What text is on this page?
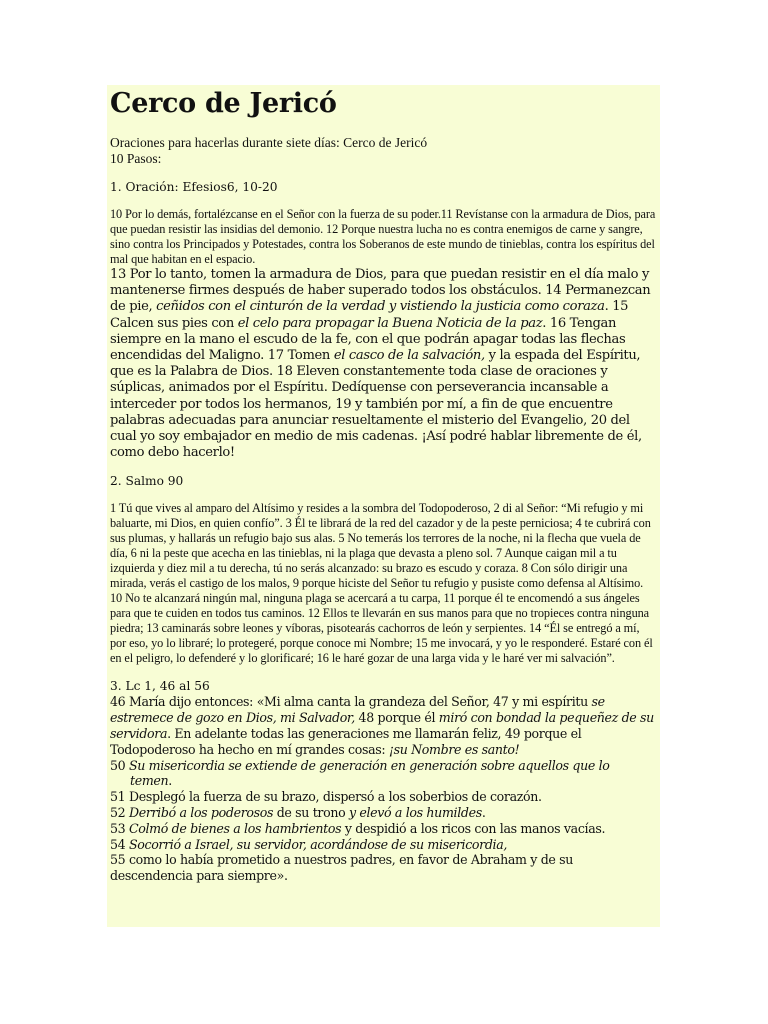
Cerco de Jericó

Oraciones para hacerlas durante siete días: Cerco de Jericó

10 Pasos:

1. Oración: Efesios6, 10-20

10 Por lo demás, fortalézcanse en el Señor con la fuerza de su poder.11 Revístanse con la armadura de Dios, para que puedan resistir las insidias del demonio. 12 Porque nuestra lucha no es contra enemigos de carne y sangre, sino contra los Principados y Potestades, contra los Soberanos de este mundo de tinieblas, contra los espíritus del mal que habitan en el espacio.

13 Por lo tanto, tomen la armadura de Dios, para que puedan resistir en el día malo y mantenerse firmes después de haber superado todos los obstáculos. 14 Permanezcan de pie, ceñidos con el cinturón de la verdad y vistiendo la justicia como coraza. 15 Calcen sus pies con el celo para propagar la Buena Noticia de la paz. 16 Tengan siempre en la mano el escudo de la fe, con el que podrán apagar todas las flechas encendidas del Maligno. 17 Tomen el casco de la salvación, y la espada del Espíritu, que es la Palabra de Dios. 18 Eleven constantemente toda clase de oraciones y súplicas, animados por el Espíritu. Dedíquense con perseverancia incansable a interceder por todos los hermanos, 19 y también por mí, a fin de que encuentre palabras adecuadas para anunciar resueltamente el misterio del Evangelio, 20 del cual yo soy embajador en medio de mis cadenas. ¡Así podré hablar libremente de él, como debo hacerlo!

2. Salmo 90

1 Tú que vives al amparo del Altísimo y resides a la sombra del Todopoderoso, 2 di al Señor: “Mi refugio y mi baluarte, mi Dios, en quien confío”. 3 Él te librará de la red del cazador y de la peste perniciosa; 4 te cubrirá con sus plumas, y hallarás un refugio bajo sus alas. 5 No temerás los terrores de la noche, ni la flecha que vuela de día, 6 ni la peste que acecha en las tinieblas, ni la plaga que devasta a pleno sol. 7 Aunque caigan mil a tu izquierda y diez mil a tu derecha, tú no serás alcanzado: su brazo es escudo y coraza. 8 Con sólo dirigir una mirada, verás el castigo de los malos, 9 porque hiciste del Señor tu refugio y pusiste como defensa al Altísimo. 10 No te alcanzará ningún mal, ninguna plaga se acercará a tu carpa, 11 porque él te encomendó a sus ángeles para que te cuiden en todos tus caminos. 12 Ellos te llevarán en sus manos para que no tropieces contra ninguna piedra; 13 caminarás sobre leones y víboras, pisotearás cachorros de león y serpientes. 14 “Él se entregó a mí, por eso, yo lo libraré; lo protegeré, porque conoce mi Nombre; 15 me invocará, y yo le responderé. Estaré con él en el peligro, lo defenderé y lo glorificaré; 16 le haré gozar de una larga vida y le haré ver mi salvación”.

3. Lc 1, 46 al 56

46 María dijo entonces: «Mi alma canta la grandeza del Señor, 47 y mi espíritu se estremece de gozo en Dios, mi Salvador, 48 porque él miró con bondad la pequeñez de su servidora. En adelante todas las generaciones me llamarán feliz, 49 porque el Todopoderoso ha hecho en mí grandes cosas: ¡su Nombre es santo!

50 Su misericordia se extiende de generación en generación sobre aquellos que lo

temen.

51 Desplegó la fuerza de su brazo, dispersó a los soberbios de corazón.

52 Derribó a los poderosos de su trono y elevó a los humildes.

53 Colmó de bienes a los hambrientos y despidió a los ricos con las manos vacías.

54 Socorrió a Israel, su servidor, acordándose de su misericordia,

55 como lo había prometido a nuestros padres, en favor de Abraham y de su

descendencia para siempre».
